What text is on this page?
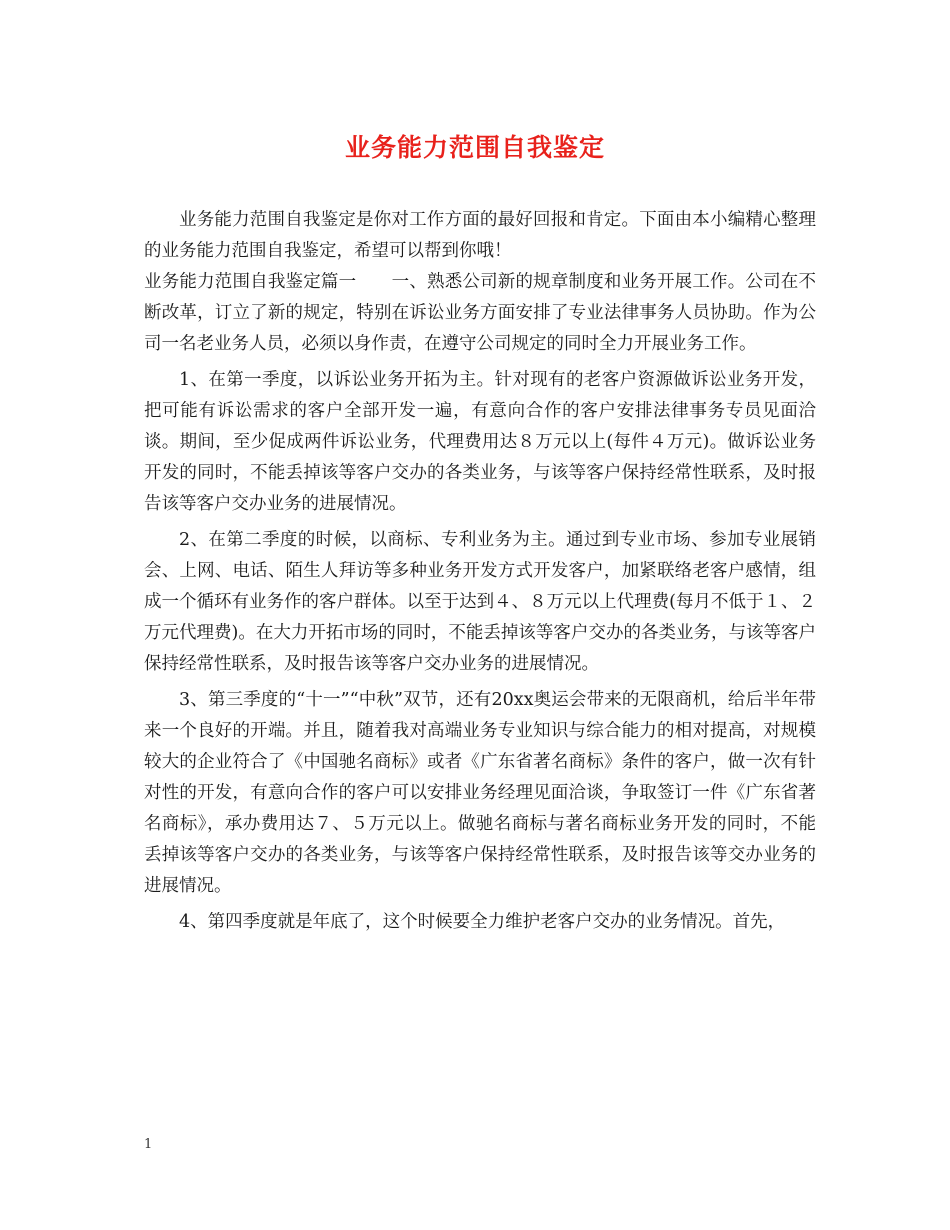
业务能力范围自我鉴定

业务能力范围自我鉴定是你对工作方面的最好回报和肯定。下面由本小编精心整理的业务能力范围自我鉴定，希望可以帮到你哦！

业务能力范围自我鉴定篇一　　一、熟悉公司新的规章制度和业务开展工作。公司在不断改革，订立了新的规定，特别在诉讼业务方面安排了专业法律事务人员协助。作为公司一名老业务人员，必须以身作责，在遵守公司规定的同时全力开展业务工作。

1、在第一季度，以诉讼业务开拓为主。针对现有的老客户资源做诉讼业务开发，把可能有诉讼需求的客户全部开发一遍，有意向合作的客户安排法律事务专员见面洽谈。期间，至少促成两件诉讼业务，代理费用达８万元以上(每件４万元)。做诉讼业务开发的同时，不能丢掉该等客户交办的各类业务，与该等客户保持经常性联系，及时报告该等客户交办业务的进展情况。

2、在第二季度的时候，以商标、专利业务为主。通过到专业市场、参加专业展销会、上网、电话、陌生人拜访等多种业务开发方式开发客户，加紧联络老客户感情，组成一个循环有业务作的客户群体。以至于达到４、８万元以上代理费(每月不低于１、２万元代理费)。在大力开拓市场的同时，不能丢掉该等客户交办的各类业务，与该等客户保持经常性联系，及时报告该等客户交办业务的进展情况。

3、第三季度的“十一”“中秋”双节，还有20xx奥运会带来的无限商机，给后半年带来一个良好的开端。并且，随着我对高端业务专业知识与综合能力的相对提高，对规模较大的企业符合了《中国驰名商标》或者《广东省著名商标》条件的客户，做一次有针对性的开发，有意向合作的客户可以安排业务经理见面洽谈，争取签订一件《广东省著名商标》，承办费用达７、５万元以上。做驰名商标与著名商标业务开发的同时，不能丢掉该等客户交办的各类业务，与该等客户保持经常性联系，及时报告该等交办业务的进展情况。

4、第四季度就是年底了，这个时候要全力维护老客户交办的业务情况。首先，

1
